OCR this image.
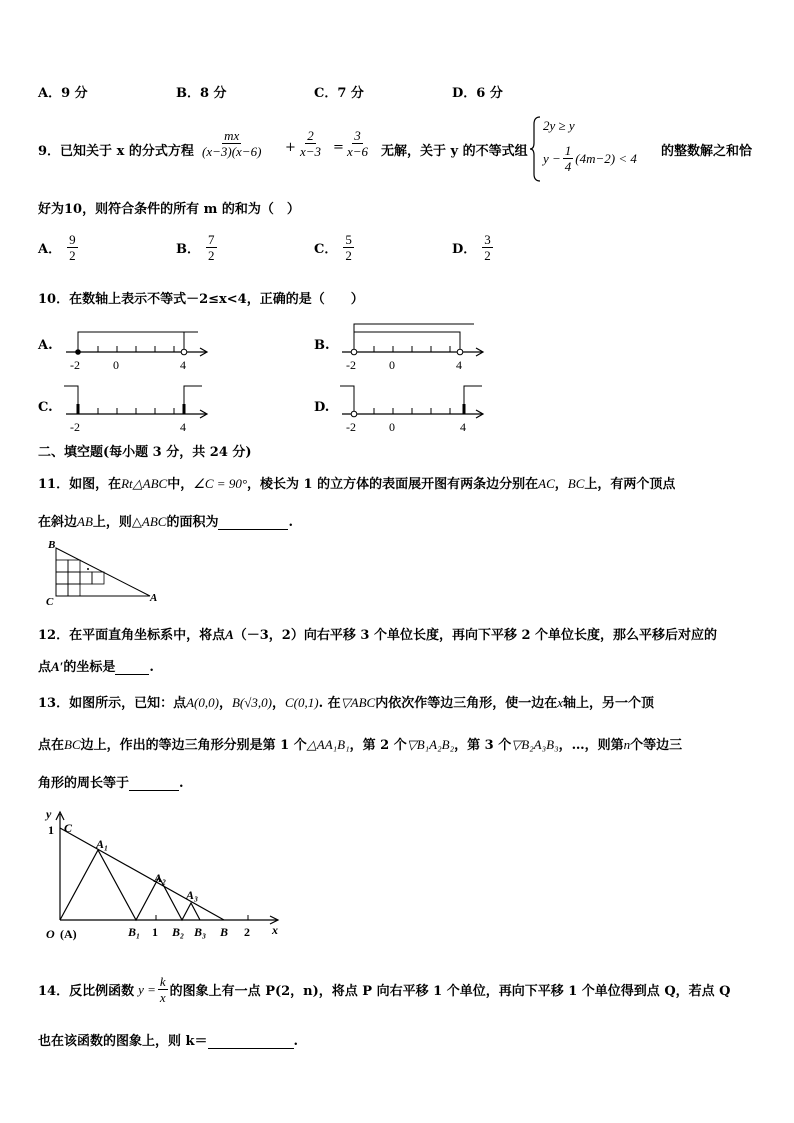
A．9 分	B．8 分	C．7 分	D．6 分
9．已知关于 x 的分式方程 $\frac{mx}{(x-3)(x-6)} + \frac{2}{x-3} = \frac{3}{x-6}$ 无解，关于 y 的不等式组
2y ≥ y
$y - \frac{1}{4} (4m-2) < 4$ 的整数解之和恰
好为10，则符合条件的所有 m 的和为（　）
A． $\frac{9}{2}$	B． $\frac{7}{2}$	C． $\frac{5}{2}$	D． $\frac{3}{2}$
10．在数轴上表示不等式－2≤x<4，正确的是（　　）
A.
-2	0	4
B.
-2	0	4
C.
-2	4
D.
-2	0	4
二、填空题(每小题 3 分，共 24 分)
11．如图，在Rt△ABC中，∠C = 90°，棱长为 1 的立方体的表面展开图有两条边分别在AC，BC上，有两个顶点
在斜边AB上，则△ABC的面积为	.
B
C	A
12．在平面直角坐标系中，将点A（－3，2）向右平移 3 个单位长度，再向下平移 2 个单位长度，那么平移后对应的
点A′的坐标是	.
13．如图所示，已知：点A(0,0)，B(√3,0)，C(0,1). 在▽ABC内依次作等边三角形，使一边在x轴上，另一个顶
点在BC边上，作出的等边三角形分别是第 1 个△AA₁B₁，第 2 个▽B₁A₂B₂，第 3 个▽B₂A₃B₃，…，则第n个等边三
角形的周长等于	.
y
1 C
A₁
A₂
A₃
O (A)	B₁ 1 B₂ B₃ B 2 x
14．反比例函数 $y = \frac{k}{x}$ 的图象上有一点 P(2，n)，将点 P 向右平移 1 个单位，再向下平移 1 个单位得到点 Q，若点 Q
也在该函数的图象上，则 k＝	.
